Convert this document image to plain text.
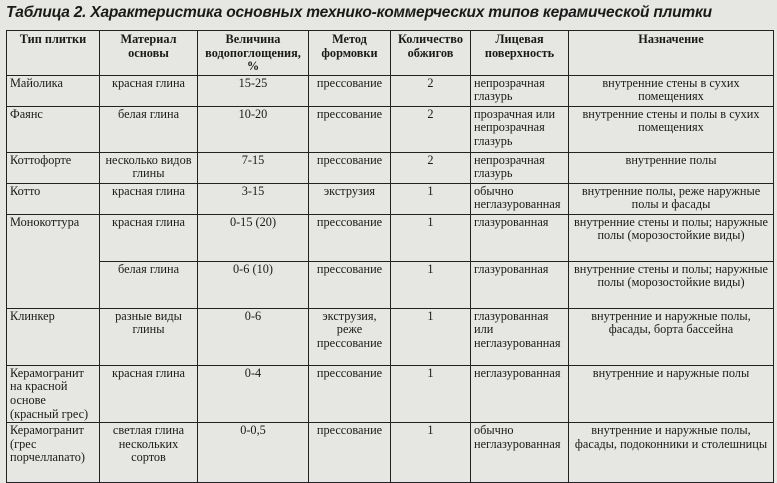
Таблица 2. Характеристика основных технико-коммерческих типов керамической плитки
Тип плитки	Материал основы	Величина водопоглощения, %	Метод формовки	Количество обжигов	Лицевая поверхность	Назначение
Майолика	красная глина	15-25	прессование	2	непрозрачная глазурь	внутренние стены в сухих помещениях
Фаянс	белая глина	10-20	прессование	2	прозрачная или непрозрачная глазурь	внутренние стены и полы в сухих помещениях
Коттофорте	несколько видов глины	7-15	прессование	2	непрозрачная глазурь	внутренние полы
Котто	красная глина	3-15	экструзия	1	обычно неглазурованная	внутренние полы, реже наружные полы и фасады
Монокоттура	красная глина	0-15 (20)	прессование	1	глазурованная	внутренние стены и полы; наружные полы (морозостойкие виды)
	белая глина	0-6 (10)	прессование	1	глазурованная	внутренние стены и полы; наружные полы (морозостойкие виды)
Клинкер	разные виды глины	0-6	экструзия, реже прессование	1	глазурованная или неглазурованная	внутренние и наружные полы, фасады, борта бассейна
Керамогранит на красной основе (красный грес)	красная глина	0-4	прессование	1	неглазурованная	внутренние и наружные полы
Керамогранит (грес порчеллanaто)	светлая глина нескольких сортов	0-0,5	прессование	1	обычно неглазурованная	внутренние и наружные полы, фасады, подоконники и столешницы
